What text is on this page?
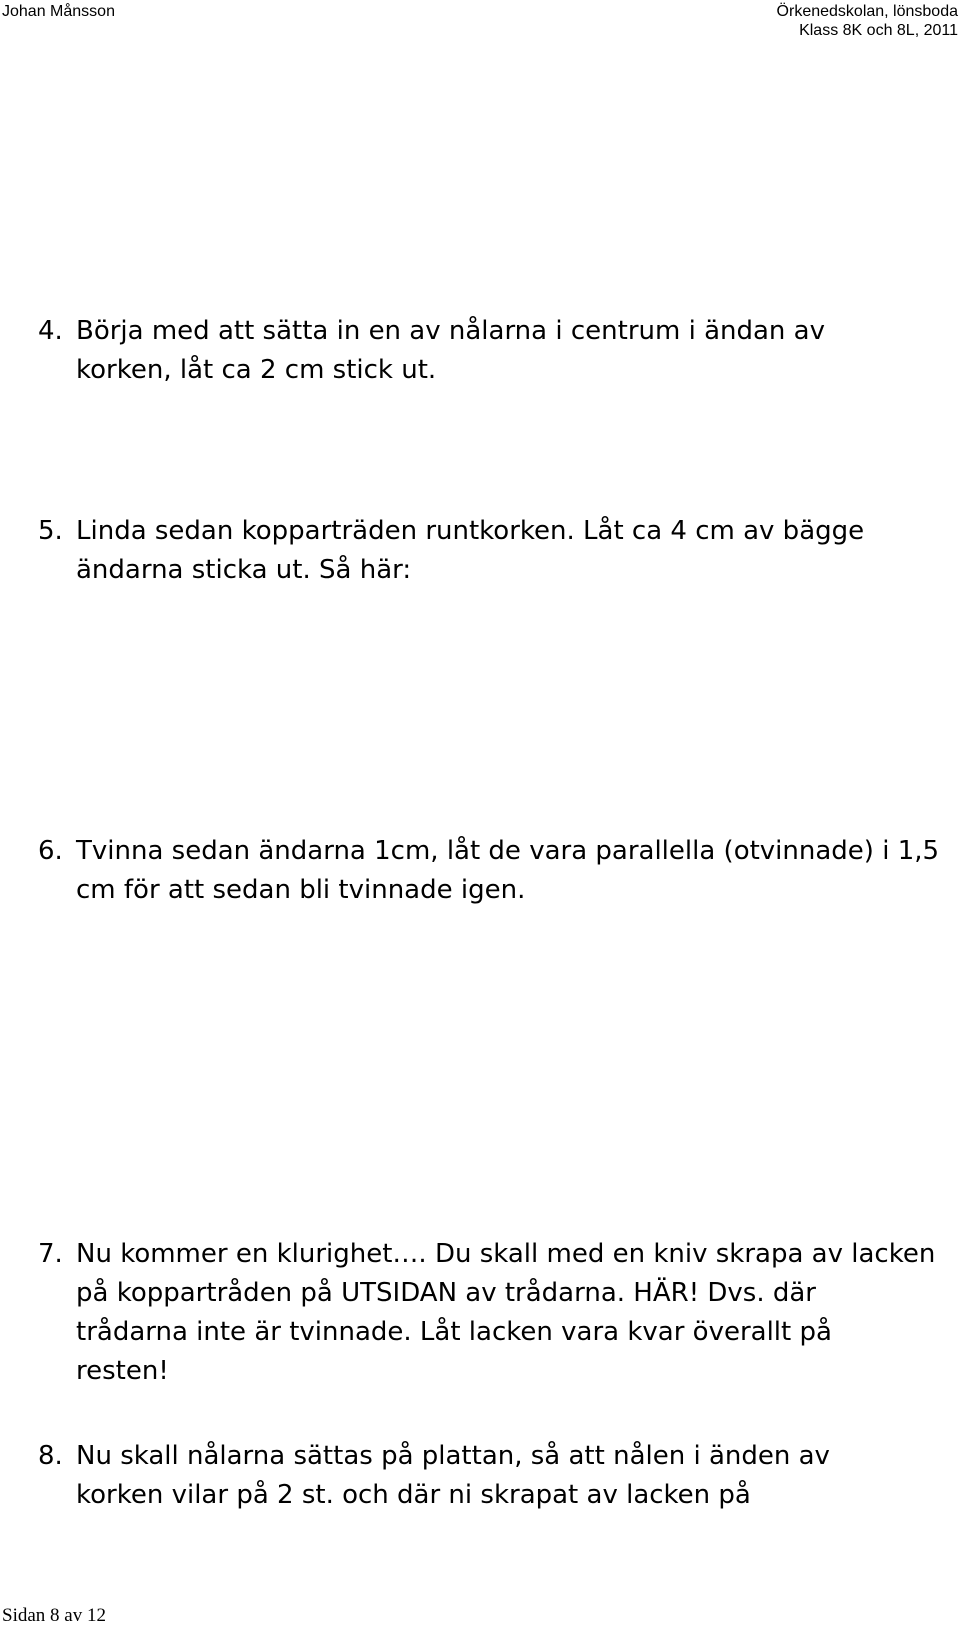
Johan Månsson	Örkenedskolan, lönsboda
Klass 8K och 8L, 2011
4. Börja med att sätta in en av nålarna i centrum i ändan av
korken, låt ca 2 cm stick ut.
5. Linda sedan kopparträden runtkorken. Låt ca 4 cm av bägge
ändarna sticka ut. Så här:
6. Tvinna sedan ändarna 1cm, låt de vara parallella (otvinnade) i 1,5
cm för att sedan bli tvinnade igen.
7. Nu kommer en klurighet…. Du skall med en kniv skrapa av lacken
på koppartråden på UTSIDAN av trådarna. HÄR! Dvs. där
trådarna inte är tvinnade. Låt lacken vara kvar överallt på
resten!
8. Nu skall nålarna sättas på plattan, så att nålen i änden av
korken vilar på 2 st. och där ni skrapat av lacken på
Sidan 8 av 12
